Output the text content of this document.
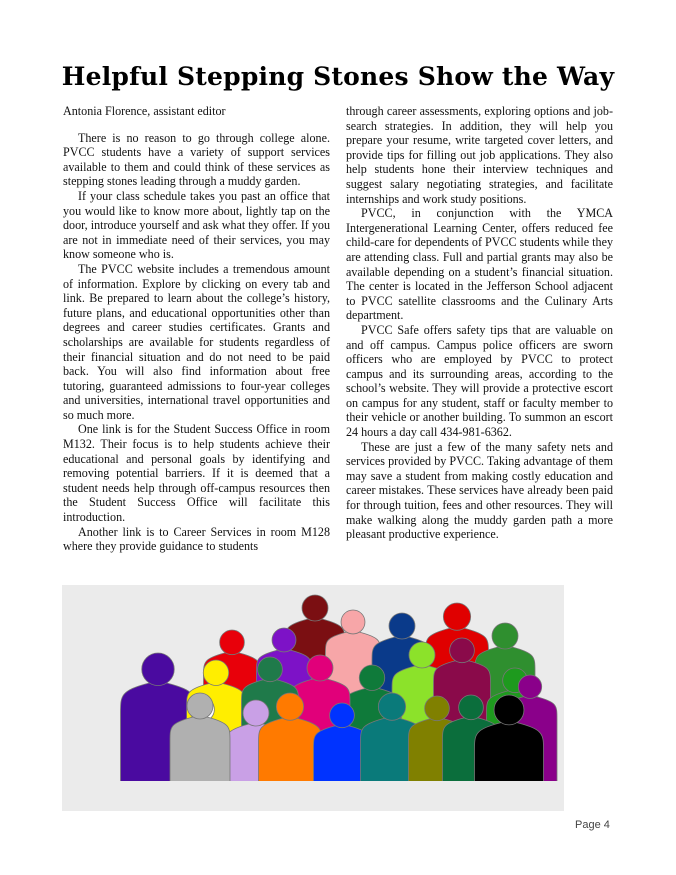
Helpful Stepping Stones Show the Way

Antonia Florence, assistant editor

There is no reason to go through college alone. PVCC students have a variety of support services available to them and could think of these services as stepping stones leading through a muddy garden.

If your class schedule takes you past an office that you would like to know more about, lightly tap on the door, introduce yourself and ask what they offer. If you are not in immediate need of their services, you may know someone who is.

The PVCC website includes a tremendous amount of information. Explore by clicking on every tab and link. Be prepared to learn about the college’s history, future plans, and educational opportunities other than degrees and career studies certificates. Grants and scholarships are available for students regardless of their financial situation and do not need to be paid back. You will also find information about free tutoring, guaranteed admissions to four-year colleges and universities, international travel opportunities and so much more.

One link is for the Student Success Office in room M132. Their focus is to help students achieve their educational and personal goals by identifying and removing potential barriers. If it is deemed that a student needs help through off-campus resources then the Student Success Office will facilitate this introduction.

Another link is to Career Services in room M128 where they provide guidance to students

through career assessments, exploring options and job-search strategies. In addition, they will help you prepare your resume, write targeted cover letters, and provide tips for filling out job applications. They also help students hone their interview techniques and suggest salary negotiating strategies, and facilitate internships and work study positions.

PVCC, in conjunction with the YMCA Intergenerational Learning Center, offers reduced fee child-care for dependents of PVCC students while they are attending class. Full and partial grants may also be available depending on a student’s financial situation. The center is located in the Jefferson School adjacent to PVCC satellite classrooms and the Culinary Arts department.

PVCC Safe offers safety tips that are valuable on and off campus. Campus police officers are sworn officers who are employed by PVCC to protect campus and its surrounding areas, according to the school’s website. They will provide a protective escort on campus for any student, staff or faculty member to their vehicle or another building. To summon an escort 24 hours a day call 434-981-6362.

These are just a few of the many safety nets and services provided by PVCC. Taking advantage of them may save a student from making costly education and career mistakes. These services have already been paid for through tuition, fees and other resources. They will make walking along the muddy garden path a more pleasant productive experience.

Page 4
